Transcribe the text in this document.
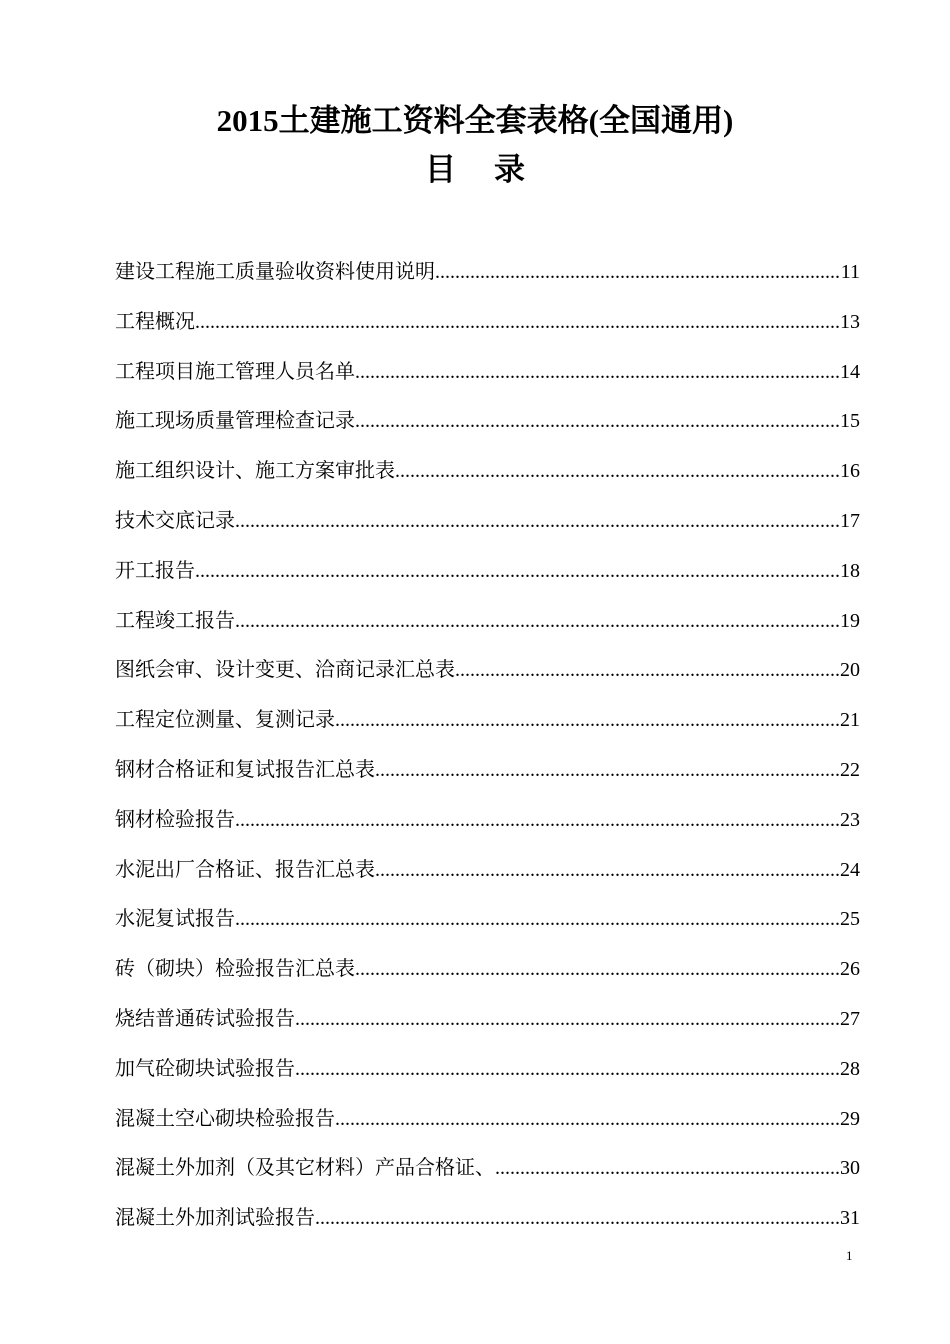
2015土建施工资料全套表格(全国通用)
目录
建设工程施工质量验收资料使用说明 .....	11
工程概况 .....	13
工程项目施工管理人员名单 .....	14
施工现场质量管理检查记录 .....	15
施工组织设计、施工方案审批表 .....	16
技术交底记录 .....	17
开工报告 .....	18
工程竣工报告 .....	19
图纸会审、设计变更、洽商记录汇总表 .....	20
工程定位测量、复测记录 .....	21
钢材合格证和复试报告汇总表 .....	22
钢材检验报告 .....	23
水泥出厂合格证、报告汇总表 .....	24
水泥复试报告 .....	25
砖（砌块）检验报告汇总表 .....	26
烧结普通砖试验报告 .....	27
加气砼砌块试验报告 .....	28
混凝土空心砌块检验报告 .....	29
混凝土外加剂（及其它材料）产品合格证、 .....	30
混凝土外加剂试验报告 .....	31
1
